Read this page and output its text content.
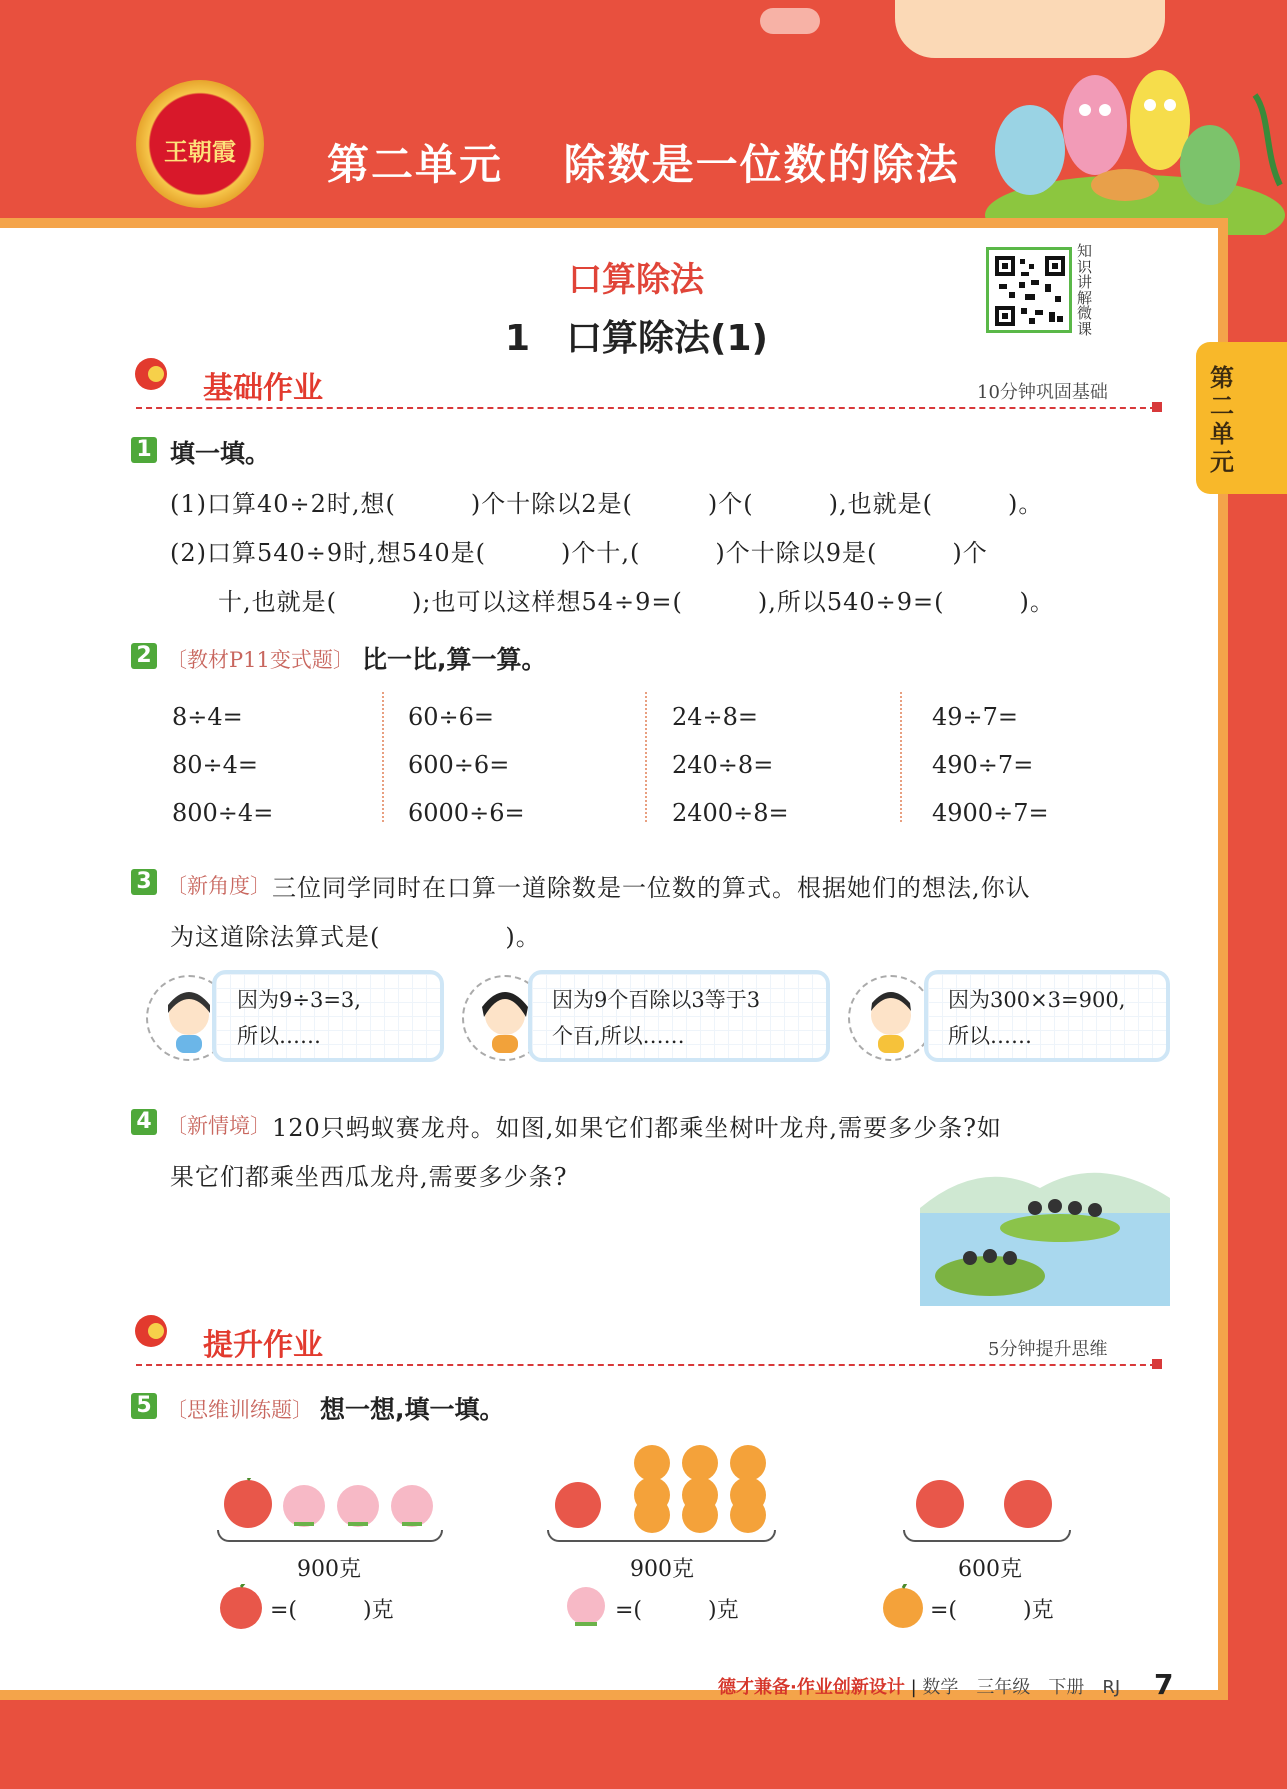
王朝霞 第二单元　 除数是一位数的除法
第二单元
口算除法
1　口算除法(1)
知识讲解微课
基础作业	10分钟巩固基础
1 填一填。
(1)口算40÷2时,想(　　　)个十除以2是(　　　)个(　　　),也就是(　　　)。
(2)口算540÷9时,想540是(　　　)个十,(　　　)个十除以9是(　　　)个
十,也就是(　　　);也可以这样想54÷9=(　　　),所以540÷9=(　　　)。
2 〔教材P11变式题〕 比一比,算一算。
8÷4=
80÷4=
800÷4=
60÷6=
600÷6=
6000÷6=
24÷8=
240÷8=
2400÷8=
49÷7=
490÷7=
4900÷7=
3 〔新角度〕 三位同学同时在口算一道除数是一位数的算式。根据她们的想法,你认
为这道除法算式是(　　　　　)。
因为9÷3=3,
所以……
因为9个百除以3等于3
个百,所以……
因为300×3=900,
所以……
4 〔新情境〕 120只蚂蚁赛龙舟。如图,如果它们都乘坐树叶龙舟,需要多少条?如
果它们都乘坐西瓜龙舟,需要多少条?
提升作业	5分钟提升思维
5 〔思维训练题〕 想一想,填一填。
900克
=(　　　)克
900克
=(　　　)克
600克
=(　　　)克
德才兼备·作业创新设计 | 数学　三年级　下册　RJ 7
